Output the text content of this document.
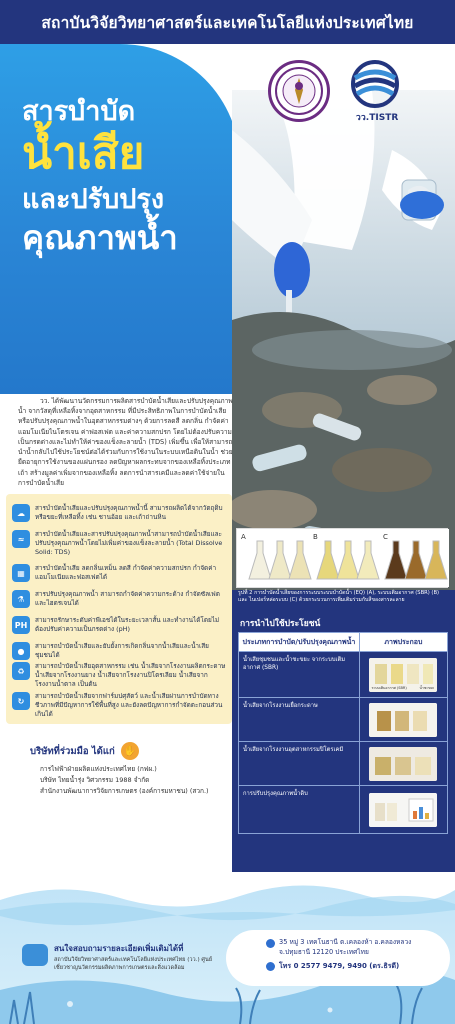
สถาบันวิจัยวิทยาศาสตร์และเทคโนโลยีแห่งประเทศไทย
สารบำบัด
น้ำเสีย
และปรับปรุง
คุณภาพน้ำ
วว.TISTR

วว. ได้พัฒนานวัตกรรมการผลิตสารบำบัดน้ำเสียและปรับปรุงคุณภาพน้ำ จากวัสดุที่เหลือทิ้งจากอุตสาหกรรม ที่มีประสิทธิภาพในการบำบัดน้ำเสียหรือปรับปรุงคุณภาพน้ำในอุตสาหกรรมต่างๆ ด้วยการลดสี ลดกลิ่น กำจัดค่าแอมโมเนียไนโตรเจน ค่าฟอสเฟต และค่าความสกปรก โดยไม่ต้องปรับความเป็นกรดด่างและไม่ทำให้ค่าของแข็งละลายน้ำ (TDS) เพิ่มขึ้น เพื่อให้สามารถนำน้ำกลับไปใช้ประโยชน์ต่อได้ร่วมกับการใช้งานในระบบเหนือดินในน้ำ ช่วยยืดอายุการใช้งานของแผ่นกรอง ลดปัญหาผลกระทบจากของเหลือทิ้งประเภทเถ้า สร้างมูลค่าเพิ่มจากของเหลือทิ้ง ลดการนำสารเคมีและลดค่าใช้จ่ายในการบำบัดน้ำเสีย

☁
สารบำบัดน้ำเสียและปรับปรุงคุณภาพน้ำนี้ สามารถผลิตได้จากวัตถุดิบหรือขยะที่เหลือทิ้ง เช่น ชานอ้อย และเถ้าถ่านหิน
≈
สารบำบัดน้ำเสียและสารปรับปรุงคุณภาพน้ำสามารถบำบัดน้ำเสียและปรับปรุงคุณภาพน้ำโดยไม่เพิ่มค่าของแข็งละลายน้ำ (Total Dissolve Solid: TDS)
▦
สารบำบัดน้ำเสีย ลดกลิ่นเหม็น ลดสี กำจัดค่าความสกปรก กำจัดค่าแอมโมเนียและฟอสเฟตได้
⚗
สารปรับปรุงคุณภาพน้ำ สามารถกำจัดค่าความกระด้าง กำจัดซัลเฟต และไฮดรเจนได้
PH
สามารถรักษาระดับค่าพีเอชได้ในระยะเวลาสั้น และทำงานได้โดยไม่ต้องปรับค่าความเป็นกรดด่าง (pH)
●
สามารถบำบัดน้ำเสียและยับยั้งการเกิดกลิ่นจากน้ำเสียและน้ำเสียชุมชนได้
♻
สามารถบำบัดน้ำเสียอุตสาหกรรม เช่น น้ำเสียจากโรงงานผลิตกระดาษ น้ำเสียจากโรงงานยาง น้ำเสียจากโรงงานปิโตรเลียม น้ำเสียจากโรงงานน้ำตาล เป็นต้น
↻
สามารถบำบัดน้ำเสียจากฟาร์มปศุสัตว์ และน้ำเสียผ่านการบำบัดทางชีวภาพที่มีปัญหาการใช้พื้นที่สูง และยังลดปัญหาการกำจัดตะกอนส่วนเกินได้
บริษัทที่ร่วมมือ ได้แก่ ✋
การไฟฟ้าฝ่ายผลิตแห่งประเทศไทย (กฟผ.)
บริษัท ไทยน้ำรุ่ง วิศวกรรม 1988 จำกัด
สำนักงานพัฒนาการวิจัยการเกษตร (องค์การมหาชน) (สวก.)
A	B	C

รูปที่ 2 การบำบัดน้ำเสียของการระบบระบบบำบัดน้ำ (EQ) (A), ระบบเติมอากาศ (SBR) (B) และ ไนเปอร์หล่อระบบ (C) ด้วยกระบวนการเพิ่มเติมร่วมกับสีของสารละลาย

การนำไปใช้ประโยชน์
ประเภทการบำบัด/ปรับปรุงคุณภาพน้ำ	ภาพประกอบ
น้ำเสียชุมชนและน้ำชะขยะ จากระบบเติมอากาศ (SBR)
ระบบเติมอากาศ (SBR)	น้ำชะขยะ
น้ำเสียจากโรงงานเยื่อกระดาษ
น้ำเสียจากโรงงานอุตสาหกรรมปิโตรเคมี
การปรับปรุงคุณภาพน้ำดิบ
สนใจสอบถามรายละเอียดเพิ่มเติมได้ที่
สถาบันวิจัยวิทยาศาสตร์และเทคโนโลยีแห่งประเทศไทย (วว.) ศูนย์เชี่ยวชาญนวัตกรรมผลิตภาพการเกษตรและสิ่งแวดล้อม
35 หมู่ 3 เทคโนธานี ต.เคลองห้า อ.คลองหลวง จ.ปทุมธานี 12120 ประเทศไทย
โทร 0 2577 9479, 9490 (ดร.ธิรดี)
